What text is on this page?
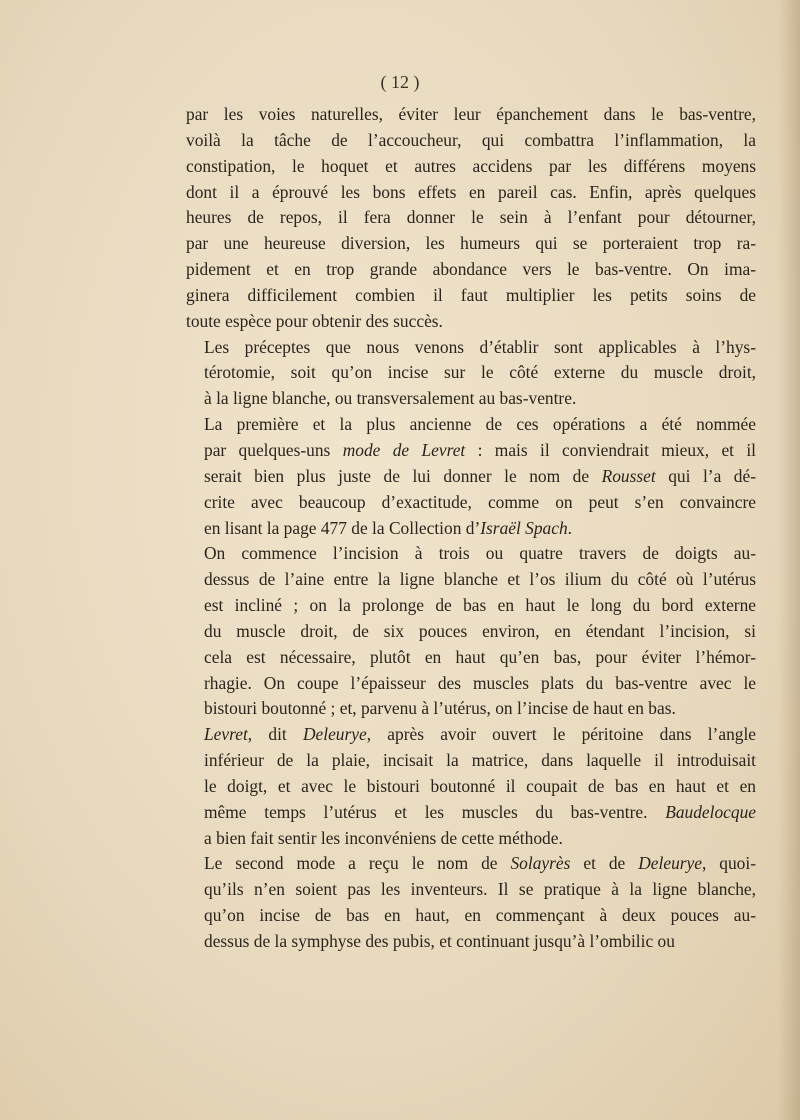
( 12 )

par les voies naturelles, éviter leur épanchement dans le bas-ventre,
voilà la tâche de l’accoucheur, qui combattra l’inflammation, la
constipation, le hoquet et autres accidens par les différens moyens
dont il a éprouvé les bons effets en pareil cas. Enfin, après quelques
heures de repos, il fera donner le sein à l’enfant pour détourner,
par une heureuse diversion, les humeurs qui se porteraient trop ra-
pidement et en trop grande abondance vers le bas-ventre. On ima-
ginera difficilement combien il faut multiplier les petits soins de
toute espèce pour obtenir des succès.

Les préceptes que nous venons d’établir sont applicables à l’hys-
térotomie, soit qu’on incise sur le côté externe du muscle droit,
à la ligne blanche, ou transversalement au bas-ventre.

La première et la plus ancienne de ces opérations a été nommée
par quelques-uns mode de Levret : mais il conviendrait mieux, et il
serait bien plus juste de lui donner le nom de Rousset qui l’a dé-
crite avec beaucoup d’exactitude, comme on peut s’en convaincre
en lisant la page 477 de la Collection d’Israël Spach.

On commence l’incision à trois ou quatre travers de doigts au-
dessus de l’aine entre la ligne blanche et l’os ilium du côté où l’utérus
est incliné ; on la prolonge de bas en haut le long du bord externe
du muscle droit, de six pouces environ, en étendant l’incision, si
cela est nécessaire, plutôt en haut qu’en bas, pour éviter l’hémor-
rhagie. On coupe l’épaisseur des muscles plats du bas-ventre avec le
bistouri boutonné ; et, parvenu à l’utérus, on l’incise de haut en bas.

Levret, dit Deleurye, après avoir ouvert le péritoine dans l’angle
inférieur de la plaie, incisait la matrice, dans laquelle il introduisait
le doigt, et avec le bistouri boutonné il coupait de bas en haut et en
même temps l’utérus et les muscles du bas-ventre. Baudelocque
a bien fait sentir les inconvéniens de cette méthode.

Le second mode a reçu le nom de Solayrès et de Deleurye, quoi-
qu’ils n’en soient pas les inventeurs. Il se pratique à la ligne blanche,
qu’on incise de bas en haut, en commençant à deux pouces au-
dessus de la symphyse des pubis, et continuant jusqu’à l’ombilic ou
